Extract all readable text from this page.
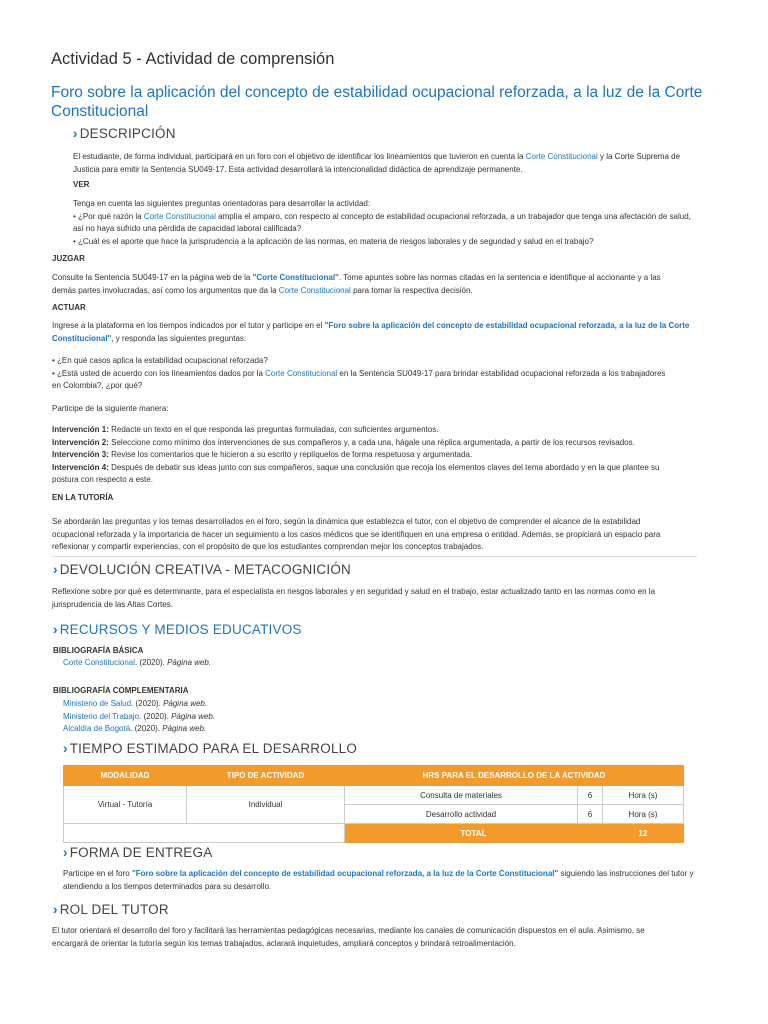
Actividad 5 - Actividad de comprensión
Foro sobre la aplicación del concepto de estabilidad ocupacional reforzada, a la luz de la Corte Constitucional
› DESCRIPCIÓN
El estudiante, de forma individual, participará en un foro con el objetivo de identificar los lineamientos que tuvieron en cuenta la Corte Constitucional y la Corte Suprema de
Justicia para emitir la Sentencia SU049-17. Esta actividad desarrollará la intencionalidad didáctica de aprendizaje permanente.
VER
Tenga en cuenta las siguientes preguntas orientadoras para desarrollar la actividad:
• ¿Por qué razón la Corte Constitucional amplía el amparo, con respecto al concepto de estabilidad ocupacional reforzada, a un trabajador que tenga una afectación de salud,
así no haya sufrido una pérdida de capacidad laboral calificada?
• ¿Cuál es el aporte que hace la jurisprudencia a la aplicación de las normas, en materia de riesgos laborales y de seguridad y salud en el trabajo?
JUZGAR
Consulte la Sentencia SU049-17 en la página web de la "Corte Constitucional". Tome apuntes sobre las normas citadas en la sentencia e identifique al accionante y a las
demás partes involucradas, así como los argumentos que da la Corte Constitucional para tomar la respectiva decisión.
ACTUAR
Ingrese a la plataforma en los tiempos indicados por el tutor y participe en el "Foro sobre la aplicación del concepto de estabilidad ocupacional reforzada, a la luz de la Corte
Constitucional", y responda las siguientes preguntas:
• ¿En qué casos aplica la estabilidad ocupacional reforzada?
• ¿Está usted de acuerdo con los lineamientos dados por la Corte Constitucional en la Sentencia SU049-17 para brindar estabilidad ocupacional reforzada a los trabajadores
en Colombia?, ¿por qué?
Participe de la siguiente manera:
Intervención 1: Redacte un texto en el que responda las preguntas formuladas, con suficientes argumentos.
Intervención 2: Seleccione como mínimo dos intervenciones de sus compañeros y, a cada una, hágale una réplica argumentada, a partir de los recursos revisados.
Intervención 3: Revise los comentarios que le hicieron a su escrito y replíquelos de forma respetuosa y argumentada.
Intervención 4: Después de debatir sus ideas junto con sus compañeros, saque una conclusión que recoja los elementos claves del tema abordado y en la que plantee su
postura con respecto a este.
EN LA TUTORÍA
Se abordarán las preguntas y los temas desarrollados en el foro, según la dinámica que establezca el tutor, con el objetivo de comprender el alcance de la estabilidad
ocupacional reforzada y la importancia de hacer un seguimiento a los casos médicos que se identifiquen en una empresa o entidad. Además, se propiciará un espacio para
reflexionar y compartir experiencias, con el propósito de que los estudiantes comprendan mejor los conceptos trabajados.
› DEVOLUCIÓN CREATIVA - METACOGNICIÓN
Reflexione sobre por qué es determinante, para el especialista en riesgos laborales y en seguridad y salud en el trabajo, estar actualizado tanto en las normas como en la
jurisprudencia de las Altas Cortes.
› RECURSOS Y MEDIOS EDUCATIVOS
BIBLIOGRAFÍA BÁSICA
Corte Constitucional. (2020). Página web.
BIBLIOGRAFÍA COMPLEMENTARIA
Ministerio de Salud. (2020). Página web.
Ministerio del Trabajo. (2020). Página web.
Alcaldía de Bogotá. (2020). Página web.
› TIEMPO ESTIMADO PARA EL DESARROLLO
MODALIDAD	TIPO DE ACTIVIDAD	HRS PARA EL DESARROLLO DE LA ACTIVIDAD		
Virtual - Tutoría	Individual	Consulta de materiales	6	Hora (s)
		Desarrollo actividad	6	Hora (s)
		TOTAL		12
› FORMA DE ENTREGA
Participe en el foro "Foro sobre la aplicación del concepto de estabilidad ocupacional reforzada, a la luz de la Corte Constitucional" siguiendo las instrucciones del tutor y
atendiendo a los tiempos determinados para su desarrollo.
› ROL DEL TUTOR
El tutor orientará el desarrollo del foro y facilitará las herramientas pedagógicas necesarias, mediante los canales de comunicación dispuestos en el aula. Asimismo, se
encargará de orientar la tutoría según los temas trabajados, aclarará inquietudes, ampliará conceptos y brindará retroalimentación.
